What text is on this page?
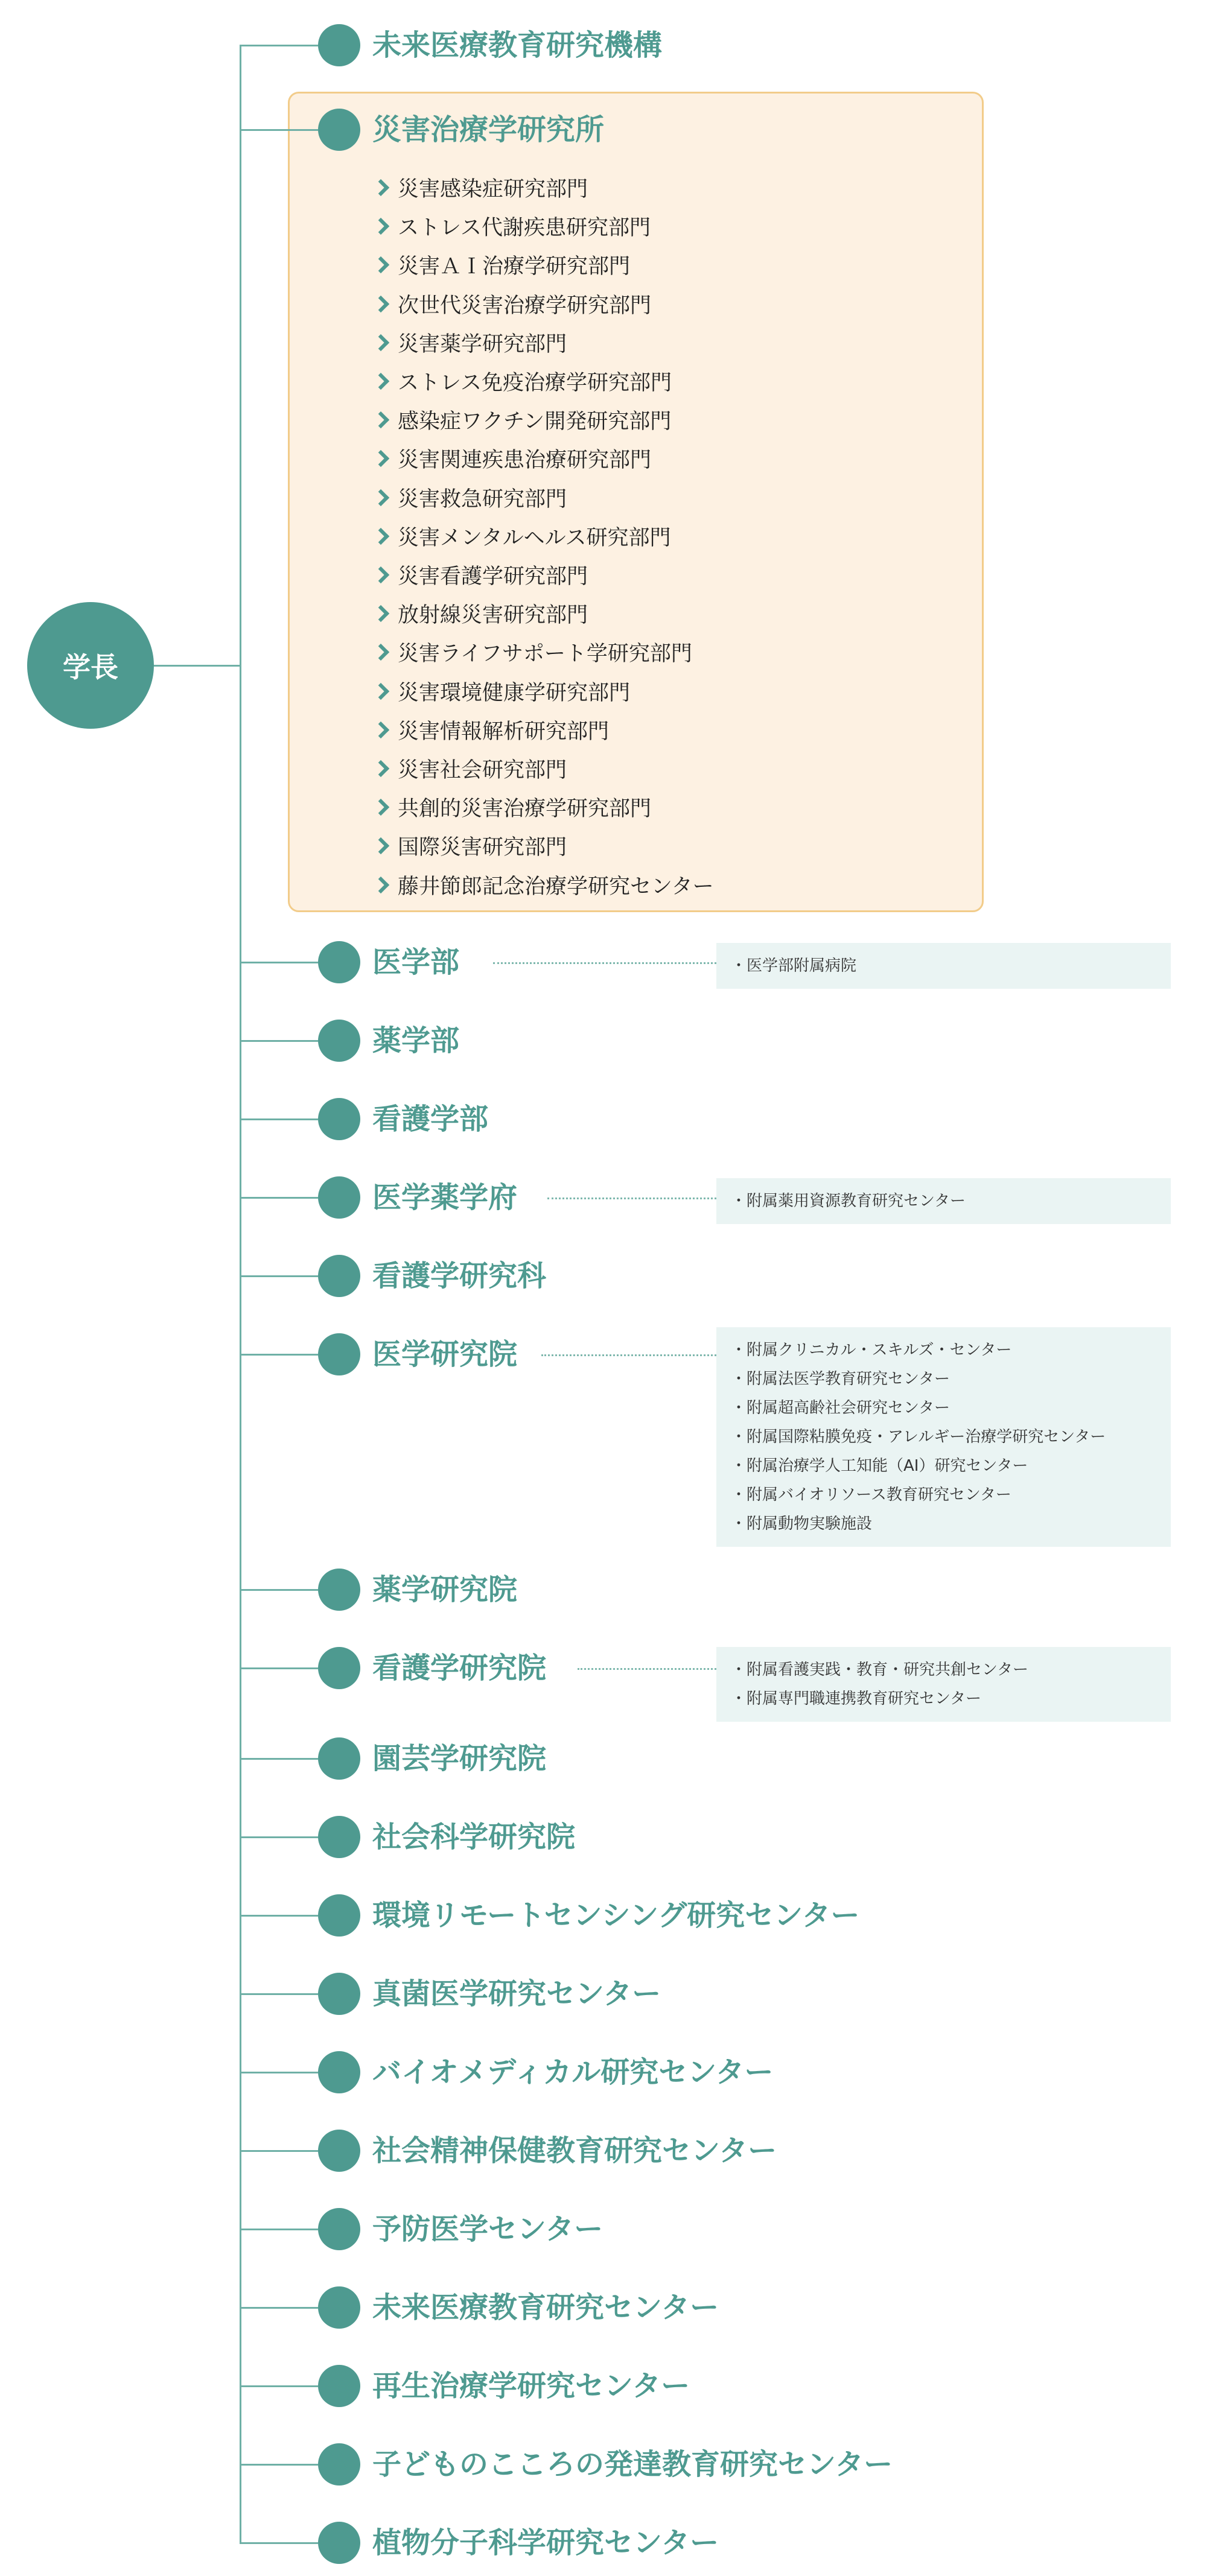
学長
災害感染症研究部門
ストレス代謝疾患研究部門
災害ＡＩ治療学研究部門
次世代災害治療学研究部門
災害薬学研究部門
ストレス免疫治療学研究部門
感染症ワクチン開発研究部門
災害関連疾患治療研究部門
災害救急研究部門
災害メンタルヘルス研究部門
災害看護学研究部門
放射線災害研究部門
災害ライフサポート学研究部門
災害環境健康学研究部門
災害情報解析研究部門
災害社会研究部門
共創的災害治療学研究部門
国際災害研究部門
藤井節郎記念治療学研究センター
未来医療教育研究機構
災害治療学研究所
医学部	・医学部附属病院
薬学部
看護学部
医学薬学府	・附属薬用資源教育研究センター
看護学研究科
医学研究院	・附属クリニカル・スキルズ・センター
・附属法医学教育研究センター
・附属超高齢社会研究センター
・附属国際粘膜免疫・アレルギー治療学研究センター
・附属治療学人工知能（AI）研究センター
・附属バイオリソース教育研究センター
・附属動物実験施設
薬学研究院
看護学研究院	・附属看護実践・教育・研究共創センター
・附属専門職連携教育研究センター
園芸学研究院
社会科学研究院
環境リモートセンシング研究センター
真菌医学研究センター
バイオメディカル研究センター
社会精神保健教育研究センター
予防医学センター
未来医療教育研究センター
再生治療学研究センター
子どものこころの発達教育研究センター
植物分子科学研究センター
